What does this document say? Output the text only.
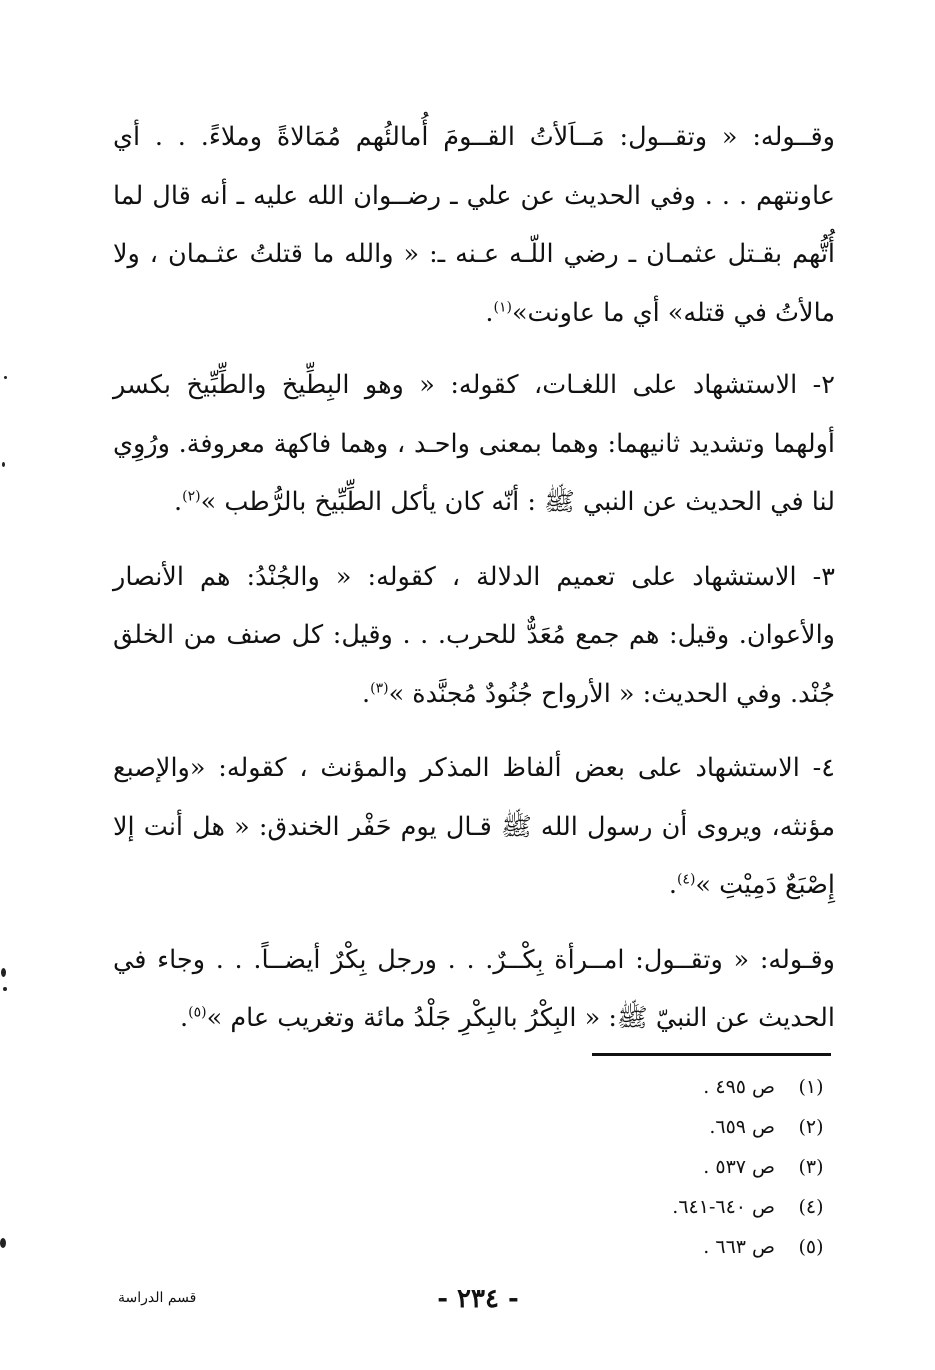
وقــوله: « وتقــول: مَــاَلأتُ القــومَ أُمالئُهم مُمَالاةً وملاءً. . . أي عاونتهم . . . وفي الحديث عن علي ـ رضــوان الله عليه ـ أنه قال لما أُتُّهم بقـتل عثمـان ـ رضي اللّـه عـنه ـ: « والله ما قتلتُ عثـمان ، ولا مالأتُ في قتله» أي ما عاونت»$^{(١)}$.

٢- الاستشهاد على اللغـات، كقوله: « وهو البِطِّيخ والطِّبِّيخ بكسر أولهما وتشديد ثانيهما: وهما بمعنى واحـد ، وهما فاكهة معروفة. ورُوِي لنا في الحديث عن النبي ﷺ : أنّه كان يأكل الطِّبِّيخ بالرُّطب »$^{(٢)}$.

٣- الاستشهاد على تعميم الدلالة ، كقوله: « والجُنْدُ: هم الأنصار والأعوان. وقيل: هم جمع مُعَدٌّ للحرب. . . وقيل: كل صنف من الخلق جُنْد. وفي الحديث: « الأرواح جُنُودٌ مُجنَّدة »$^{(٣)}$.

٤- الاستشهاد على بعض ألفاظ المذكر والمؤنث ، كقوله: «والإصبع مؤنثه، ويروى أن رسول الله ﷺ قـال يوم حَفْر الخندق: « هل أنت إلا إِصْبَعٌ دَمِيْتِ »$^{(٤)}$.

وقـوله: « وتقــول: امــرأة بِكْــرٌ. . . ورجل بِكْرٌ أيضــاً. . . وجاء في الحديث عن النبيّ ﷺ: « البِكْرُ بالبِكْرِ جَلْدُ مائة وتغريب عام »$^{(٥)}$.

(١)
ص ٤٩٥ .
(٢)
ص ٦٥٩.
(٣)
ص ٥٣٧ .
(٤)
ص ٦٤٠-٦٤١.
(٥)
ص ٦٦٣ .
قسم الدراسة	- ٢٣٤ -
